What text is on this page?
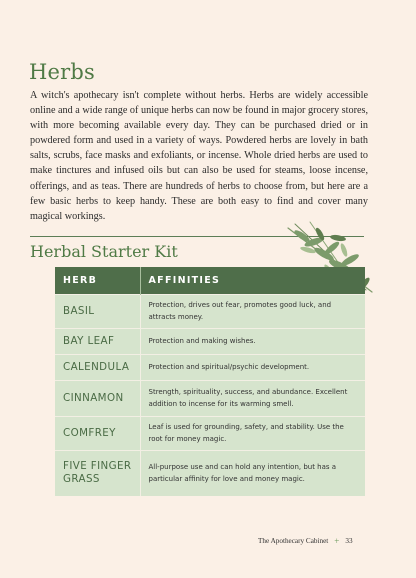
Herbs
A witch's apothecary isn't complete without herbs. Herbs are widely accessible online and a wide range of unique herbs can now be found in major grocery stores, with more becoming available every day. They can be purchased dried or in powdered form and used in a variety of ways. Powdered herbs are lovely in bath salts, scrubs, face masks and exfoliants, or incense. Whole dried herbs are used to make tinctures and infused oils but can also be used for steams, loose incense, offerings, and as teas. There are hundreds of herbs to choose from, but here are a few basic herbs to keep handy. These are both easy to find and cover many magical workings.
Herbal Starter Kit
HERB	AFFINITIES
BASIL	Protection, drives out fear, promotes good luck, and attracts money.
BAY LEAF	Protection and making wishes.
CALENDULA	Protection and spiritual/psychic development.
CINNAMON	Strength, spirituality, success, and abundance. Excellent addition to incense for its warming smell.
COMFREY	Leaf is used for grounding, safety, and stability. Use the root for money magic.
FIVE FINGER GRASS	All-purpose use and can hold any intention, but has a particular affinity for love and money magic.
The Apothecary Cabinet + 33
